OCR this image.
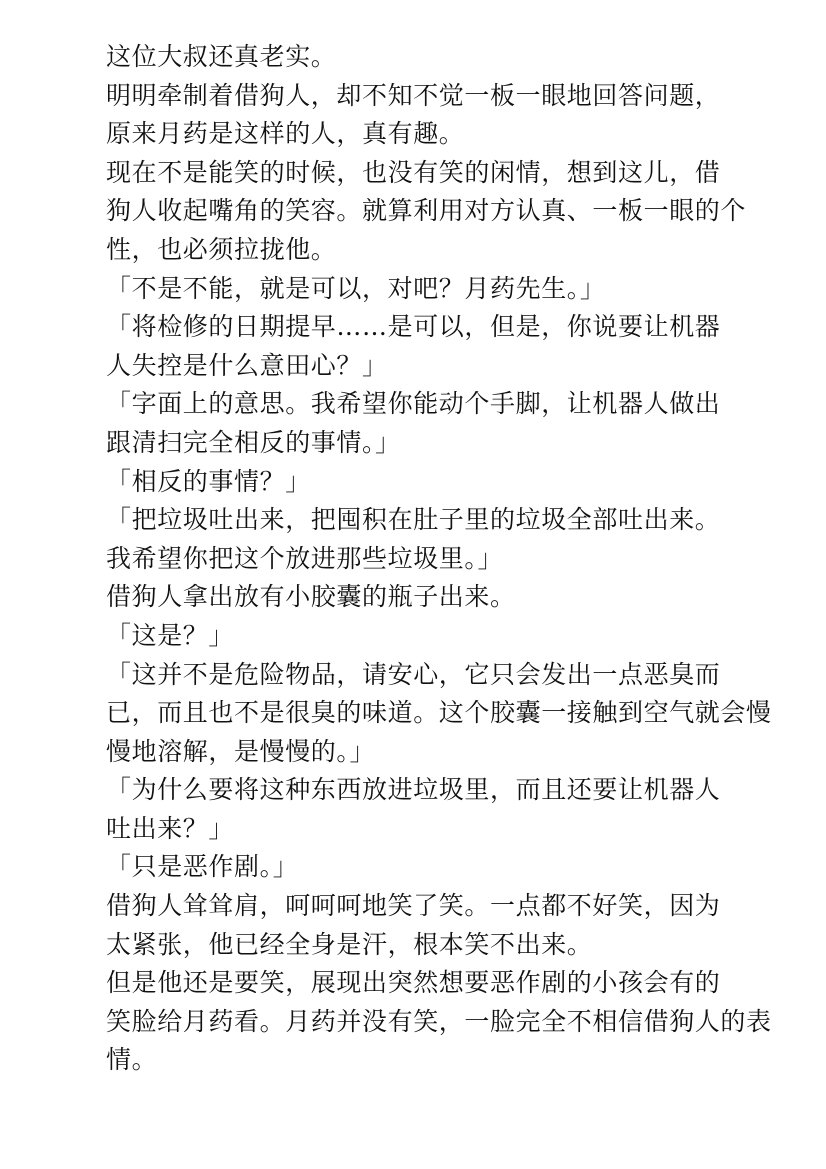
这位大叔还真老实。

明明牵制着借狗人，却不知不觉一板一眼地回答问题，
原来月药是这样的人，真有趣。

现在不是能笑的时候，也没有笑的闲情，想到这儿，借
狗人收起嘴角的笑容。就算利用对方认真、一板一眼的个
性，也必须拉拢他。

「不是不能，就是可以，对吧？月药先生。」

「将检修的日期提早……是可以，但是，你说要让机器
人失控是什么意田心？」

「字面上的意思。我希望你能动个手脚，让机器人做出
跟清扫完全相反的事情。」

「相反的事情？」

「把垃圾吐出来，把囤积在肚子里的垃圾全部吐出来。
我希望你把这个放进那些垃圾里。」

借狗人拿出放有小胶囊的瓶子出来。

「这是？」

「这并不是危险物品，请安心，它只会发出一点恶臭而
已，而且也不是很臭的味道。这个胶囊一接触到空气就会慢
慢地溶解，是慢慢的。」

「为什么要将这种东西放进垃圾里，而且还要让机器人
吐出来？」

「只是恶作剧。」

借狗人耸耸肩，呵呵呵地笑了笑。一点都不好笑，因为
太紧张，他已经全身是汗，根本笑不出来。

但是他还是要笑，展现出突然想要恶作剧的小孩会有的
笑脸给月药看。月药并没有笑，一脸完全不相信借狗人的表
情。
